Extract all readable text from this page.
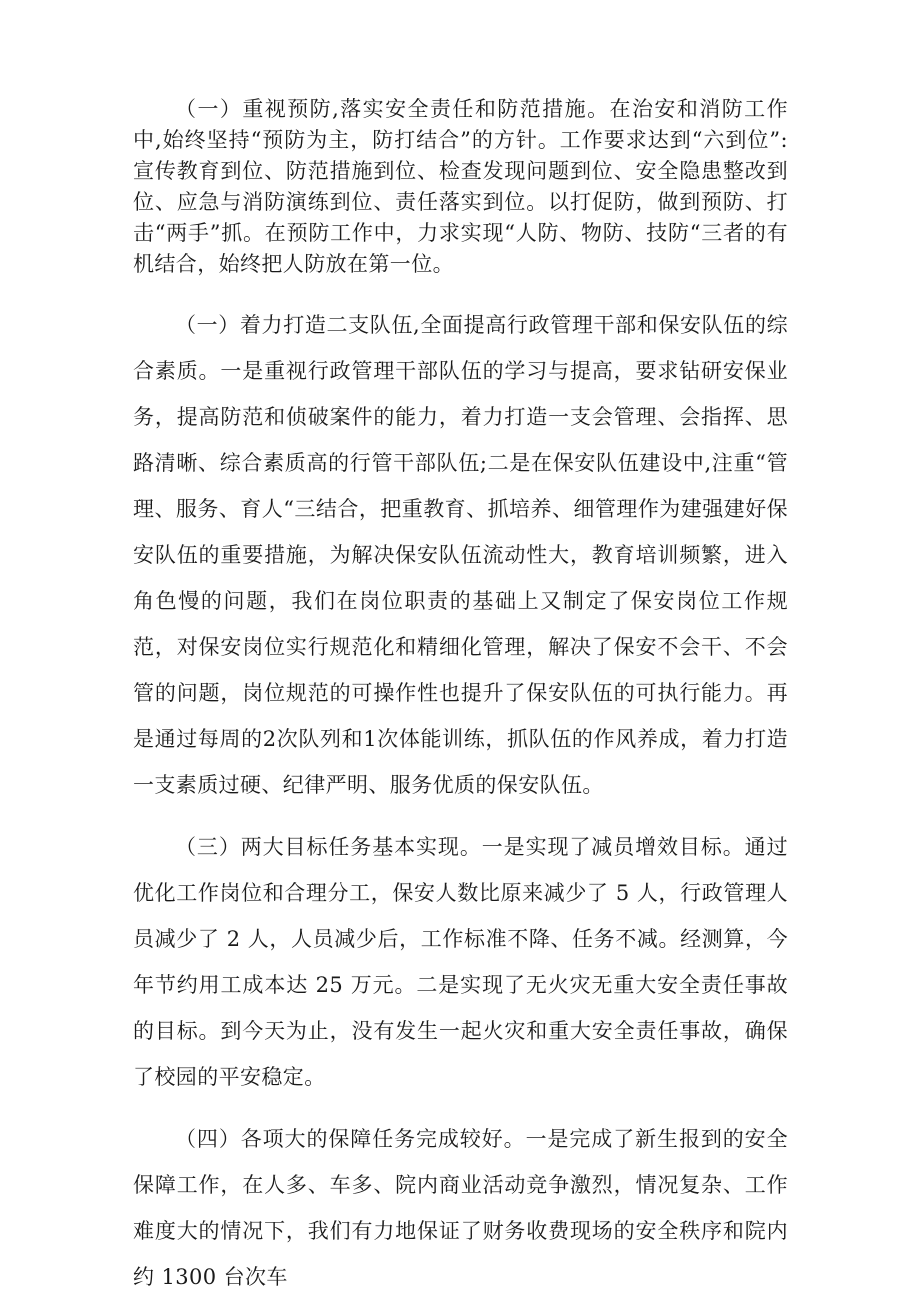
（一）重视预防,落实安全责任和防范措施。在治安和消防工作中,始终坚持“预防为主，防打结合”的方针。工作要求达到“六到位”:宣传教育到位、防范措施到位、检查发现问题到位、安全隐患整改到位、应急与消防演练到位、责任落实到位。以打促防，做到预防、打击“两手”抓。在预防工作中，力求实现“人防、物防、技防“三者的有机结合，始终把人防放在第一位。

（一）着力打造二支队伍,全面提高行政管理干部和保安队伍的综合素质。一是重视行政管理干部队伍的学习与提高，要求钻研安保业务，提高防范和侦破案件的能力，着力打造一支会管理、会指挥、思路清晰、综合素质高的行管干部队伍;二是在保安队伍建设中,注重“管理、服务、育人“三结合，把重教育、抓培养、细管理作为建强建好保安队伍的重要措施，为解决保安队伍流动性大，教育培训频繁，进入角色慢的问题，我们在岗位职责的基础上又制定了保安岗位工作规范，对保安岗位实行规范化和精细化管理，解决了保安不会干、不会管的问题，岗位规范的可操作性也提升了保安队伍的可执行能力。再是通过每周的2次队列和1次体能训练，抓队伍的作风养成，着力打造一支素质过硬、纪律严明、服务优质的保安队伍。

（三）两大目标任务基本实现。一是实现了减员增效目标。通过优化工作岗位和合理分工，保安人数比原来减少了 5 人，行政管理人员减少了 2 人，人员减少后，工作标准不降、任务不减。经测算，今年节约用工成本达 25 万元。二是实现了无火灾无重大安全责任事故的目标。到今天为止，没有发生一起火灾和重大安全责任事故，确保了校园的平安稳定。

（四）各项大的保障任务完成较好。一是完成了新生报到的安全保障工作，在人多、车多、院内商业活动竞争激烈，情况复杂、工作难度大的情况下，我们有力地保证了财务收费现场的安全秩序和院内约 1300 台次车
